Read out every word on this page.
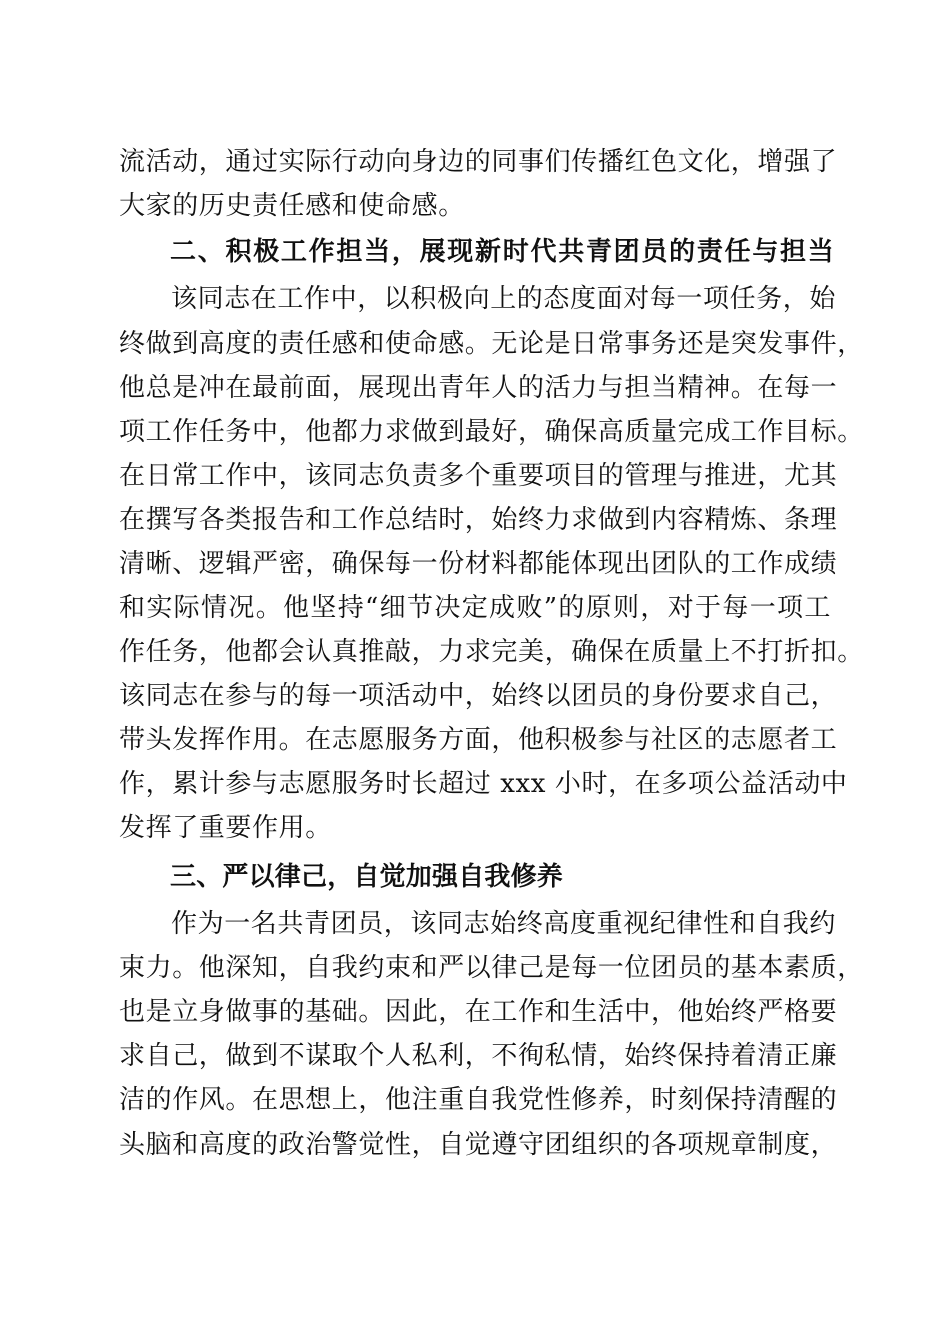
流活动，通过实际行动向身边的同事们传播红色文化，增强了
大家的历史责任感和使命感。
二、积极工作担当，展现新时代共青团员的责任与担当
该同志在工作中，以积极向上的态度面对每一项任务，始
终做到高度的责任感和使命感。无论是日常事务还是突发事件，
他总是冲在最前面，展现出青年人的活力与担当精神。在每一
项工作任务中，他都力求做到最好，确保高质量完成工作目标。
在日常工作中，该同志负责多个重要项目的管理与推进，尤其
在撰写各类报告和工作总结时，始终力求做到内容精炼、条理
清晰、逻辑严密，确保每一份材料都能体现出团队的工作成绩
和实际情况。他坚持“细节决定成败”的原则，对于每一项工
作任务，他都会认真推敲，力求完美，确保在质量上不打折扣。
该同志在参与的每一项活动中，始终以团员的身份要求自己，
带头发挥作用。在志愿服务方面，他积极参与社区的志愿者工
作，累计参与志愿服务时长超过 xxx 小时，在多项公益活动中
发挥了重要作用。
三、严以律己，自觉加强自我修养
作为一名共青团员，该同志始终高度重视纪律性和自我约
束力。他深知，自我约束和严以律己是每一位团员的基本素质，
也是立身做事的基础。因此，在工作和生活中，他始终严格要
求自己，做到不谋取个人私利，不徇私情，始终保持着清正廉
洁的作风。在思想上，他注重自我党性修养，时刻保持清醒的
头脑和高度的政治警觉性，自觉遵守团组织的各项规章制度，
